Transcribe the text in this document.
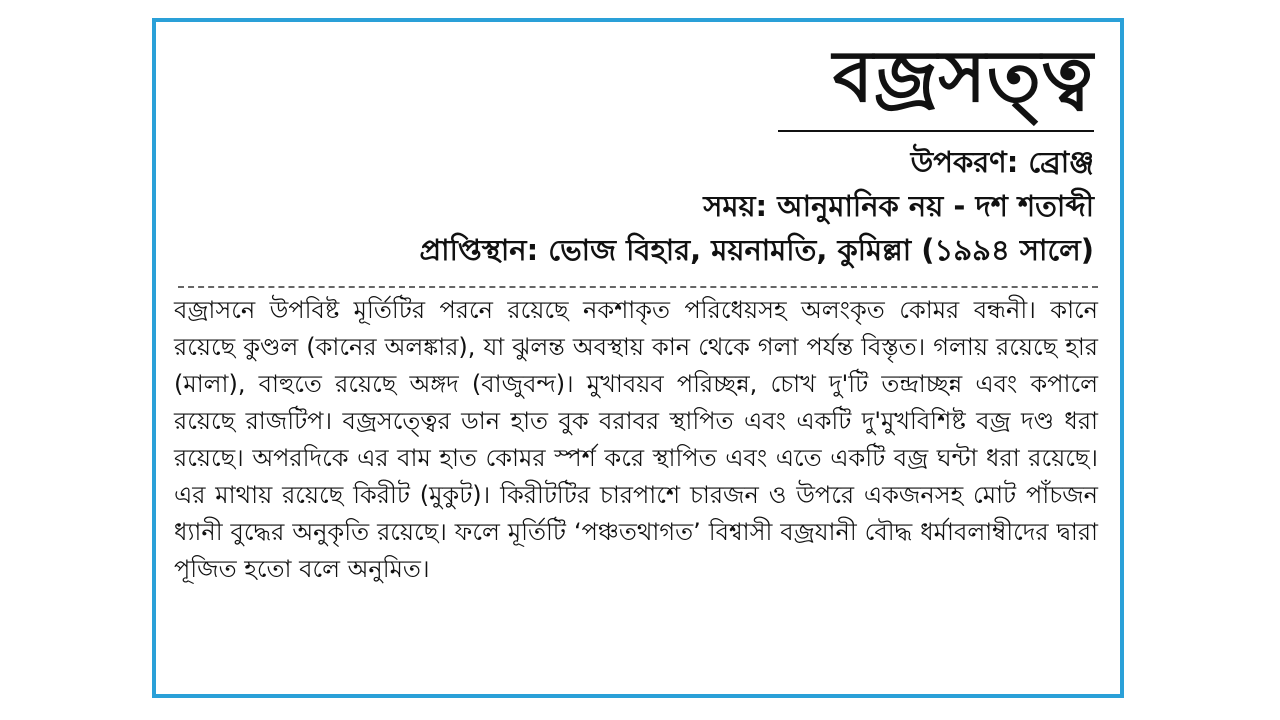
বজ্রসত্ত্ব

উপকরণ: ব্রোঞ্জ

সময়: আনুমানিক নয় - দশ শতাব্দী

প্রাপ্তিস্থান: ভোজ বিহার, ময়নামতি, কুমিল্লা (১৯৯৪ সালে)

বজ্রাসনে উপবিষ্ট মূর্তিটির পরনে রয়েছে নকশাকৃত পরিধেয়সহ অলংকৃত কোমর বন্ধনী। কানে রয়েছে কুণ্ডল (কানের অলঙ্কার), যা ঝুলন্ত অবস্থায় কান থেকে গলা পর্যন্ত বিস্তৃত। গলায় রয়েছে হার (মালা), বাহুতে রয়েছে অঙ্গদ (বাজুবন্দ)। মুখাবয়ব পরিচ্ছন্ন, চোখ দু'টি তন্দ্রাচ্ছন্ন এবং কপালে রয়েছে রাজটিপ। বজ্রসত্ত্বের ডান হাত বুক বরাবর স্থাপিত এবং একটি দু'মুখবিশিষ্ট বজ্র দণ্ড ধরা রয়েছে। অপরদিকে এর বাম হাত কোমর স্পর্শ করে স্থাপিত এবং এতে একটি বজ্র ঘন্টা ধরা রয়েছে। এর মাথায় রয়েছে কিরীট (মুকুট)। কিরীটটির চারপাশে চারজন ও উপরে একজনসহ মোট পাঁচজন ধ্যানী বুদ্ধের অনুকৃতি রয়েছে। ফলে মূর্তিটি ‘পঞ্চতথাগত’ বিশ্বাসী বজ্রযানী বৌদ্ধ ধর্মাবলাম্বীদের দ্বারা পূজিত হতো বলে অনুমিত।
